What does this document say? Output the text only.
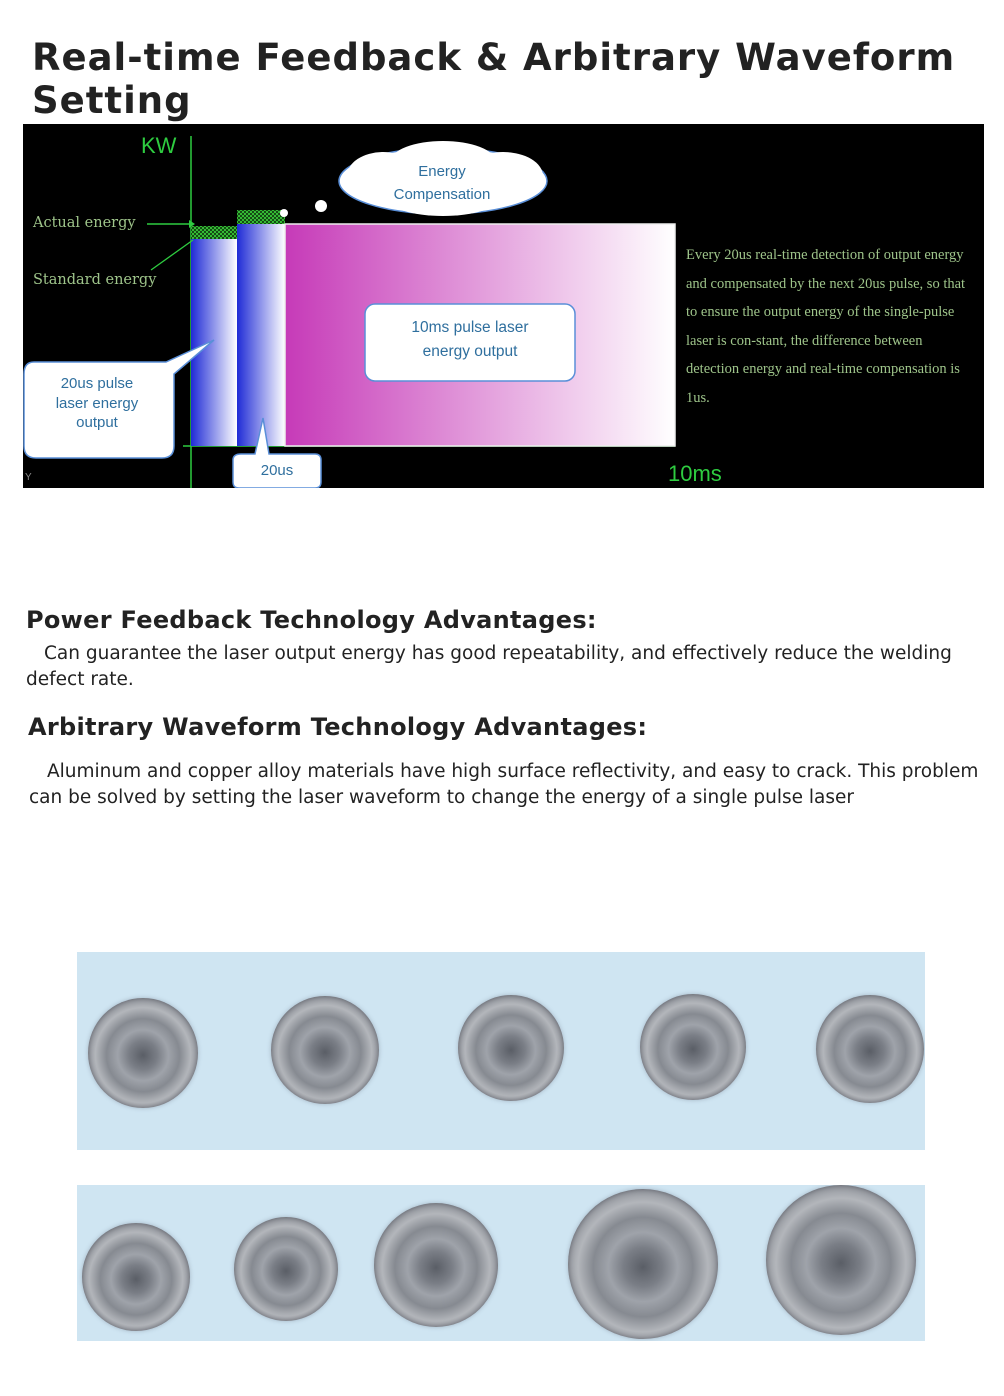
Real-time Feedback & Arbitrary Waveform Setting
KW
10ms
Y
Actual energy
Standard energy
Energy
Compensation
10ms pulse laser
energy output
20us pulse
laser energy
output
20us
Every 20us real-time detection of output energy and compensated by the next 20us pulse, so that to ensure the output energy of the single-pulse laser is con-stant, the difference between detection energy and real-time compensation is 1us.
Power Feedback Technology Advantages:

Can guarantee the laser output energy has good repeatability, and effectively reduce the welding defect rate.

Arbitrary Waveform Technology Advantages:

Aluminum and copper alloy materials have high surface reflectivity, and easy to crack. This problem can be solved by setting the laser waveform to change the energy of a single pulse laser
